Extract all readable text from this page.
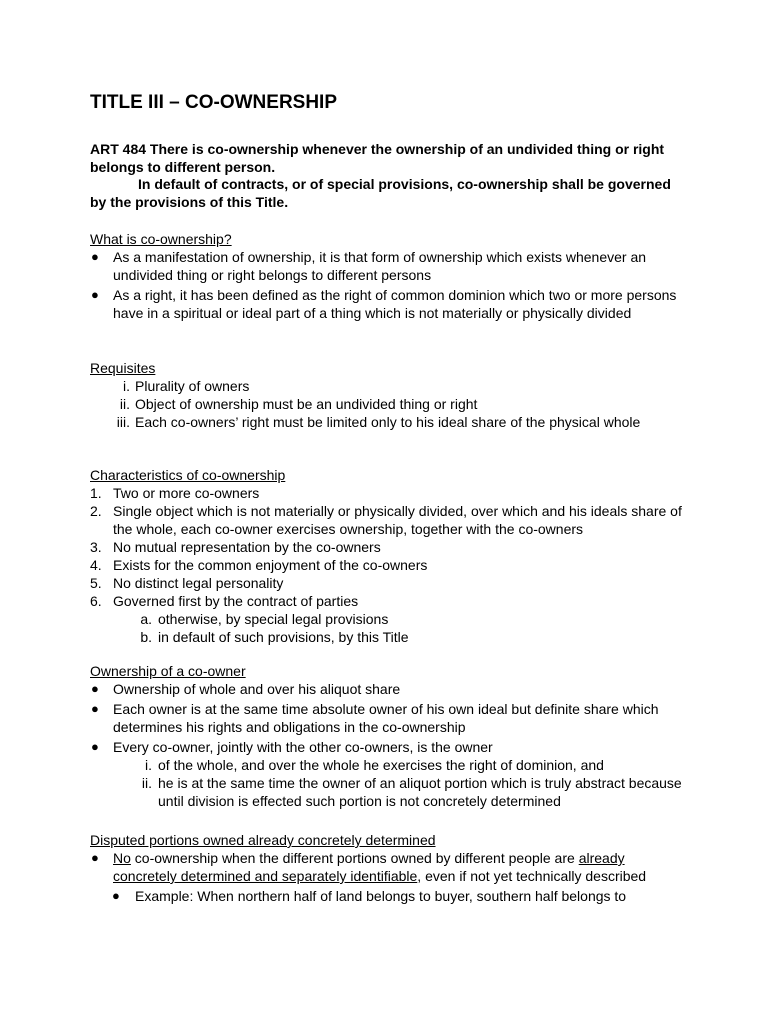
TITLE III – CO-OWNERSHIP

ART 484 There is co-ownership whenever the ownership of an undivided thing or right belongs to different person.

In default of contracts, or of special provisions, co-ownership shall be governed by the provisions of this Title.

What is co-ownership?

● As a manifestation of ownership, it is that form of ownership which exists whenever an undivided thing or right belongs to different persons
● As a right, it has been defined as the right of common dominion which two or more persons have in a spiritual or ideal part of a thing which is not materially or physically divided

Requisites

i. Plurality of owners
ii. Object of ownership must be an undivided thing or right
iii. Each co-owners’ right must be limited only to his ideal share of the physical whole

Characteristics of co-ownership

1. Two or more co-owners
2. Single object which is not materially or physically divided, over which and his ideals share of the whole, each co-owner exercises ownership, together with the co-owners
3. No mutual representation by the co-owners
4. Exists for the common enjoyment of the co-owners
5. No distinct legal personality
6. Governed first by the contract of parties
a. otherwise, by special legal provisions
b. in default of such provisions, by this Title

Ownership of a co-owner

● Ownership of whole and over his aliquot share
● Each owner is at the same time absolute owner of his own ideal but definite share which determines his rights and obligations in the co-ownership
● Every co-owner, jointly with the other co-owners, is the owner
i. of the whole, and over the whole he exercises the right of dominion, and
ii. he is at the same time the owner of an aliquot portion which is truly abstract because until division is effected such portion is not concretely determined

Disputed portions owned already concretely determined

● No co-ownership when the different portions owned by different people are already concretely determined and separately identifiable, even if not yet technically described
● Example: When northern half of land belongs to buyer, southern half belongs to
